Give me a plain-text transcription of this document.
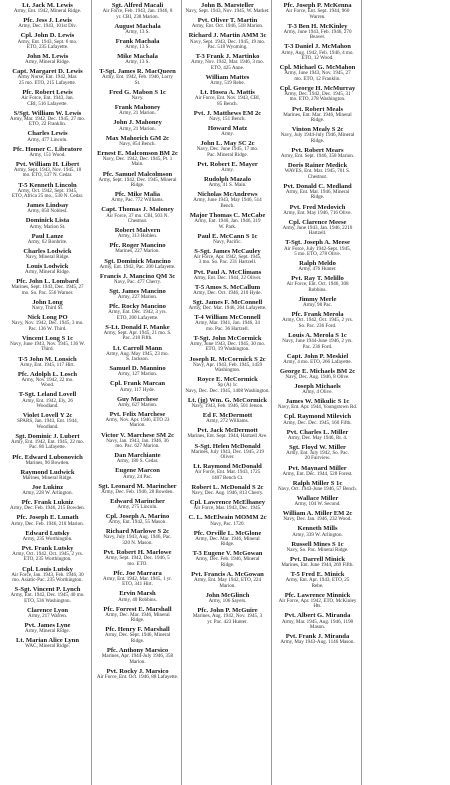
Lt. Jack M. Lewis
Army, Ent. 1942, Mineral Ridge.
Pfc. Jess J. Lewis
Army, Dec. 1943, 101st Div.
Cpl. John D. Lewis
Army, Ent. 1943, Sept. 6 mo.
ETO, 235 Lafayette.
John M. Lewis
Army, Mineral Ridge.
Capt. Margaret D. Lewis
Army Nurse, Ent. 1942, Mar.
25 mo. ETO, 215 Lafayette.
Pfc. Robert Lewis
Air Force, Ent. 1943, Jan.
CBI, 516 Lafayette.
S/Sgt. William W. Lewis
Army, Mar. 1942, Dec. 1945, 27 mo.
ETO, 22 Franklin.
Charles Lewis
Army, 477 Lincoln.
Pfc. Homer C. Libratore
Army, 151 Wood.
Pvt. William H. Libert
Army, Sept. 1943, Nov. 1945, 18
mo. ETO, 537 N. Cedar.
T-5 Kenneth Lincoln
Army, Oct. 1942, Sept. 1945,
ETO, Africa 25 mo., 530 N. Cedar.
James Lindsay
Army, 850 Noblest.
Dominick Lista
Army, Marion St.
Paul Lanze
Army, 62 Bonbrite.
Charles Lodwick
Navy, Mineral Ridge.
Louis Lodwick
Army, Mineral Ridge.
Pfc. John L. Lombard
Marines, Sept. 1943, Dec. 1945, 27
mo. So. Pac. 556 Warner.
John Long
Navy, Third St.
Nick Long PO
Navy, Nov. 1942, Dec. 1945, 3 mo.
Pac. 136 W. Third.
Vincent Long S 1c
Navy, June 1943, Nov. 1945, 136 W.
Third.
T-5 John M. Lonsich
Army, Ent. 1945, 117 Hirt.
Pfc. Adolph L. Losch
Army, Nov. 1942, 22 mo.
Wood.
T-Sgt. Leland Lovell
Army, Ent. 1942, Ely, 26
Woodland.
Violet Lovell Y 2c
SPARS, Jan. 1943, Ent. 1944,
Woodland.
Sgt. Dominic J. Lubert
Army, Ent. 1942, Ent. 1945, 22 mo.
Pac. 86 Lafayette.
Pfc. Edward Lubonovich
Marines, 96 Bowden.
Raymond Ludwick
Marines, Mineral Ridge.
Joe Lukinz
Army, 228 W. Arlington.
Pfc. Frank Lukniz
Army, Dec. Feb. 1946, 215 Bowden.
Pfc. Joseph E. Lunath
Army, Dec. Feb. 1946, 218 Marion.
Edward Lutsky
Army, 235 Worthington.
Pvt. Frank Lutsky
Army, Oct. 1942, Oct. 1945, 2 yrs.
ETO, 235 Worthington.
Cpl. Louis Lutsky
Air Force, Jan. 1943, Feb. 1946, 30
mo. Asiatic-Pac. 235 Worthington.
S-Sgt. Vincent P. Lynch
Army, Ent. 1942, Dec. 1945, 40 mo.
ETO, 536 Washington.
Clarence Lyon
Army, 217 Warren.
Pvt. James Lyne
Army, Mineral Ridge.
Lt. Marian Alice Lynn
WAC, Mineral Ridge.
Sgt. Alfred Macali
Air Force, Feb. 1943, Jan. 1946, 8
yr. CBI, 238 Marion.
August Machala
Army, 13 S.
Frank Machala
Army, 13 S.
Mike Machala
Army, 13 S.
T-Sgt. James R. MacQueen
Army, Ent. 1942, Feb. 1946, Lorry
St.
Fred G. Mabon S 1c
Navy.
Frank Mahoney
Army, 21 Marion.
John J. Mahoney
Army, 21 Marion.
Max Mahorich GM 2c
Navy, 854 Bench.
Ernest E. Malcomson BM 2c
Navy, Dec. 1942, Dec. 1945, Pt. 1
Main.
Pfc. Samuel Malcolmson
Army, Sept. 1942, Dec. 1945, Mineral
Ridge.
Pfc. Mike Malia
Army, Pac. 772 Williams.
Capt. Thomas J. Maloney
Air Force, 37 mo. CBI, 503 N.
Chestnut.
Robert Malvern
Army, 313 Hoblen.
Pfc. Roger Mancino
Marines, 227 Marion.
Sgt. Dominick Mancino
Army, Ent. 1942, Pac. 200 Lafayette.
Francis J. Mancino QM 3c
Navy, Pac. 477 Cherry.
Sgt. James Mancino
Army, 227 Marion.
Pfc. Rocky Mancino
Army, Ent. Dec. 1942, 3 yrs.
ETO, 200 Lafayette.
S-Lt. Donald F. Manke
Army, Sept. Apr. 1945, 21 mo. S.
Pac. 218 Fifth.
Lt. Carroll Mann
Army, Aug. May 1945, 23 mo.
S. Jackson.
Samuel D. Mannino
Army, 127 Marion.
Cpl. Frank Marcan
Army, 117 Hyde.
Guy Marchese
Army, 627 Marion.
Pvt. Felix Marchese
Army, Nov. Apr. 1946, ETO 23
Marion.
Victor V. Marchese SM 2c
Navy, Jan. 1943, Jan. 1946, 36
mo. Pac. 627 Marion.
Dan Marchiante
Army, 180 S. Cedar.
Eugene Marcon
Army, 24 Pac.
Sgt. Leonard M. Marincher
Army, Dec. Feb. 1946, 28 Bowden.
Edward Marincher
Army, 275 Lincoln.
Cpl. Joseph A. Marino
Army, Ent. 1942, 55 Mason.
Richard Marlowe S 2c
Navy, July 1943, Aug. 1946, Pac.
320 N. Mason.
Pvt. Robert H. Marlowe
Army, Sept. 1942, Dec. 1946, 5
mo. ETO.
Pfc. Joe Marrara
Army, Ent. 1942, Mar. 1945, 1 yr.
ETO, 341 Hirt.
Ervin Marsh
Army, 40 Robbins.
Pfc. Forrest E. Marshall
Army, Dec. Mar. 1946, Mineral
Ridge.
Pfc. Henry F. Marshall
Army, Dec. Sept. 1946, Mineral
Ridge.
Pfc. Anthony Marsico
Marines, Apr. 1944-July 1946, 358
Marion.
Pvt. Rocky J. Marsico
Air Force, Ent. Oct. 1946, 88 Lafayette.
John B. Marsteller
Navy, Sept. 1943, Nov. 1945, W. Market.
Pvt. Oliver T. Martin
Army, Ent. Oct. 1946, 518 Marion.
Richard J. Martin AMM 3c
Navy, Sept. 1943, Dec. 1945, 19 mo.
Pac. 518 Wyoming.
T-3 Frank J. Martinko
Army, Nov. 1942, Mar. 1946, 3 mo.
ETO, 425 Anne.
William Mattes
Army, 519 Rebe.
Lt. Hosea A. Mattis
Air Force, Ent. Nov. 1943, CBI,
85 Bench.
Pvt. J. Matthews EM 2c
Navy, 151 Bench.
Howard Matz
Army.
John L. May SC 2c
Navy, Dec. June 1945, 17 mo.
Pac. Mineral Ridge.
Pvt. Robert E. Mayer
Army.
Rudolph Mazalo
Army, 41 S. Main.
Nicholas McAndrews
Army, June 1943, May 1946, 514
Bench.
Major Thomas C. McCabe
Army, Ent. 1940, Jan. 1946, 319
W. Park.
Paul E. McCann S 1c
Navy, Pacific.
S-Sgt. James McCauley
Air Force, Apr. 1942, Sept. 1945,
3 mo. So. Pac. 231 Hartzell.
Pvt. Paul A. McClimans
Army, Ent. Dec. 1944, 22 Oliver.
T-5 Amos S. McCallum
Army, Dec. Oct. 1946, 210 Hyde.
Sgt. James F. McConnell
Army, Dec. Mar. 1946, 264 Lafayette.
T-4 William McConnell
Army, Mar. 1941, Jan. 1946, 34
mo. Pac. 36 Hartzell.
T-Sgt. John McCormick
Army, June 1943, Dec. 1945, 30 mo.
ETO, 19 Washington.
Joseph R. McCormick S 2c
Navy, Apr. 1943, Feb. 1945, 1459 Washington.
Royce E. McCormick
Sp (A) 1c
Navy, Dec. Dec. 1945, 1408 Washington.
Lt. (jg) Wm. G. McCormick
Navy, 1943, Feb. 1946, 501 Jetson.
Ed F. McDermott
Army, 272 Williams.
Pvt. Jack McDermott
Marines, Ent. Sept. 1944, Hartzell Ave.
S-Sgt. Helen McDonald
Marines, July 1943, Dec. 1945, 219
Oliver.
Lt. Raymond McDonald
Air Force, Ent. Mar. 1943, 1725
1407 Bench Ct.
Robert L. McDonald S 2c
Navy, Dec. Aug. 1946, 813 Cherry.
Cpl. Lawrence McElhaney
Air Force, Mar. 1943, Dec. 1945.
C. L. McElwain MOMM 2c
Navy, Pac. 1720.
Pfc. Orville L. McGlone
Army, Dec. Mar. 1946, Mineral
Ridge.
T-3 Eugene V. McGowan
Army, Dec. Feb. 1946, Mineral
Ridge.
Pvt. Francis A. McGowan
Army, Ent. May 1942, ETO, 224
Marion.
John McGlinch
Army, 106 Sayers.
Pfc. John P. McGuire
Marines, Aug. 1942, Nov. 1945, 3
yr. Pac. 423 Hunter.
Pfc. Joseph P. McKenna
Air Force, Ent. Sept. 1944, 960
Warren.
T-3 Ben H. McKinley
Army, June 1943, Feb. 1946, 270
Beaver.
T-3 Daniel J. McMahon
Army, Aug. 1942, Feb. 1946, 4 mo.
ETO, 12 Wood.
Cpl. Michael G. McMahon
Army, June 1943, Nov. 1945, 27
mo. ETO, 12 Franklin.
Cpl. George H. McMurray
Army, Dec. 1942, Dec. 1945, 31
mo. ETO, 278 Washington.
Pvt. Robert Meals
Marines, Ent. Mar. 1946, Mineral
Ridge.
Vinton Mealy S 2c
Navy, July 1944-July 1946, Mineral
Ridge.
Pvt. Robert Mears
Army, Ent. Sept. 1946, 358 Marion.
Doris Rainer Medick
WAVES, Ent. Mar. 1945, 701 S.
Chestnut.
Pvt. Donald C. Medland
Army, Ent. Mar. 1946, Mineral
Ridge.
Pvt. Fred Medovich
Army, Ent. May 1946, 716 Olive.
Cpl. Clarence Meese
Army, June 1943, Jan. 1946, 2210
Hartzell.
T-Sgt. Joseph A. Meese
Air Force, July 1942-Sept. 1945,
5 mo. ETO, 278 Olive.
Ralph Meldo
Army, 476 Hunter.
Pvt. Ray T. Melillo
Air Force, Ent. Oct. 1946, 308
Robbins.
Jimmy Merle
Army, 98 Pac.
Pfc. Frank Merola
Army, Oct. 1942, Oct. 1945, 2 yrs.
So. Pac. 236 Ford.
Louis A. Merola S 1c
Navy, June 1944-June 1946, 2 yrs.
Pac. 236 Ford.
Capt. John P. Meskiel
Army, 4 mo. ETO, 266 Lafayette.
George E. Michaels BM 2c
Navy, Dec. Aug. 1946, 8 Olive.
Joseph Michaels
Army, 4 Olive.
James W. Mikulic S 1c
Navy, Ent. Apr. 1944, Youngstown Rd.
Cpl. Raymond Milevich
Army, Dec. Dec. 1945, 160 Fifth.
Pvt. Charles L. Miller
Army, Dec. May 1946, Rt. 4.
Sgt. Floyd W. Miller
Army, Ent. July 1942, So. Pac.
20 Fairview.
Pvt. Maynard Miller
Army, Ent. Dec. 1944, 528 Forest.
Ralph Miller S 1c
Navy, Oct. 1943-June 1946, 57 Bench.
Wallace Miller
Army, 104 W. Second.
William A. Miller EM 2c
Navy, Dec. Jan. 1946, 232 Wood.
Kenneth Mills
Army, 339 W. Arlington.
Russell Mines S 1c
Navy, So. Pac. Mineral Ridge.
Pvt. Darrell Minick
Marines, Ent. June 1944, 269 Fifth.
T-5 Fred E. Minick
Army, Ent. Apr. 1943, ETO, 25
Rebe.
Pfc. Lawrence Minnick
Air Force, Apr. 1942, ETO, McKinley Hts.
Pvt. Albert G. Miranda
Army, Mar. 1945, Aug. 1946, 1190
Mason.
Pvt. Frank J. Miranda
Army, May 1943-Aug. 1146 Mason.
